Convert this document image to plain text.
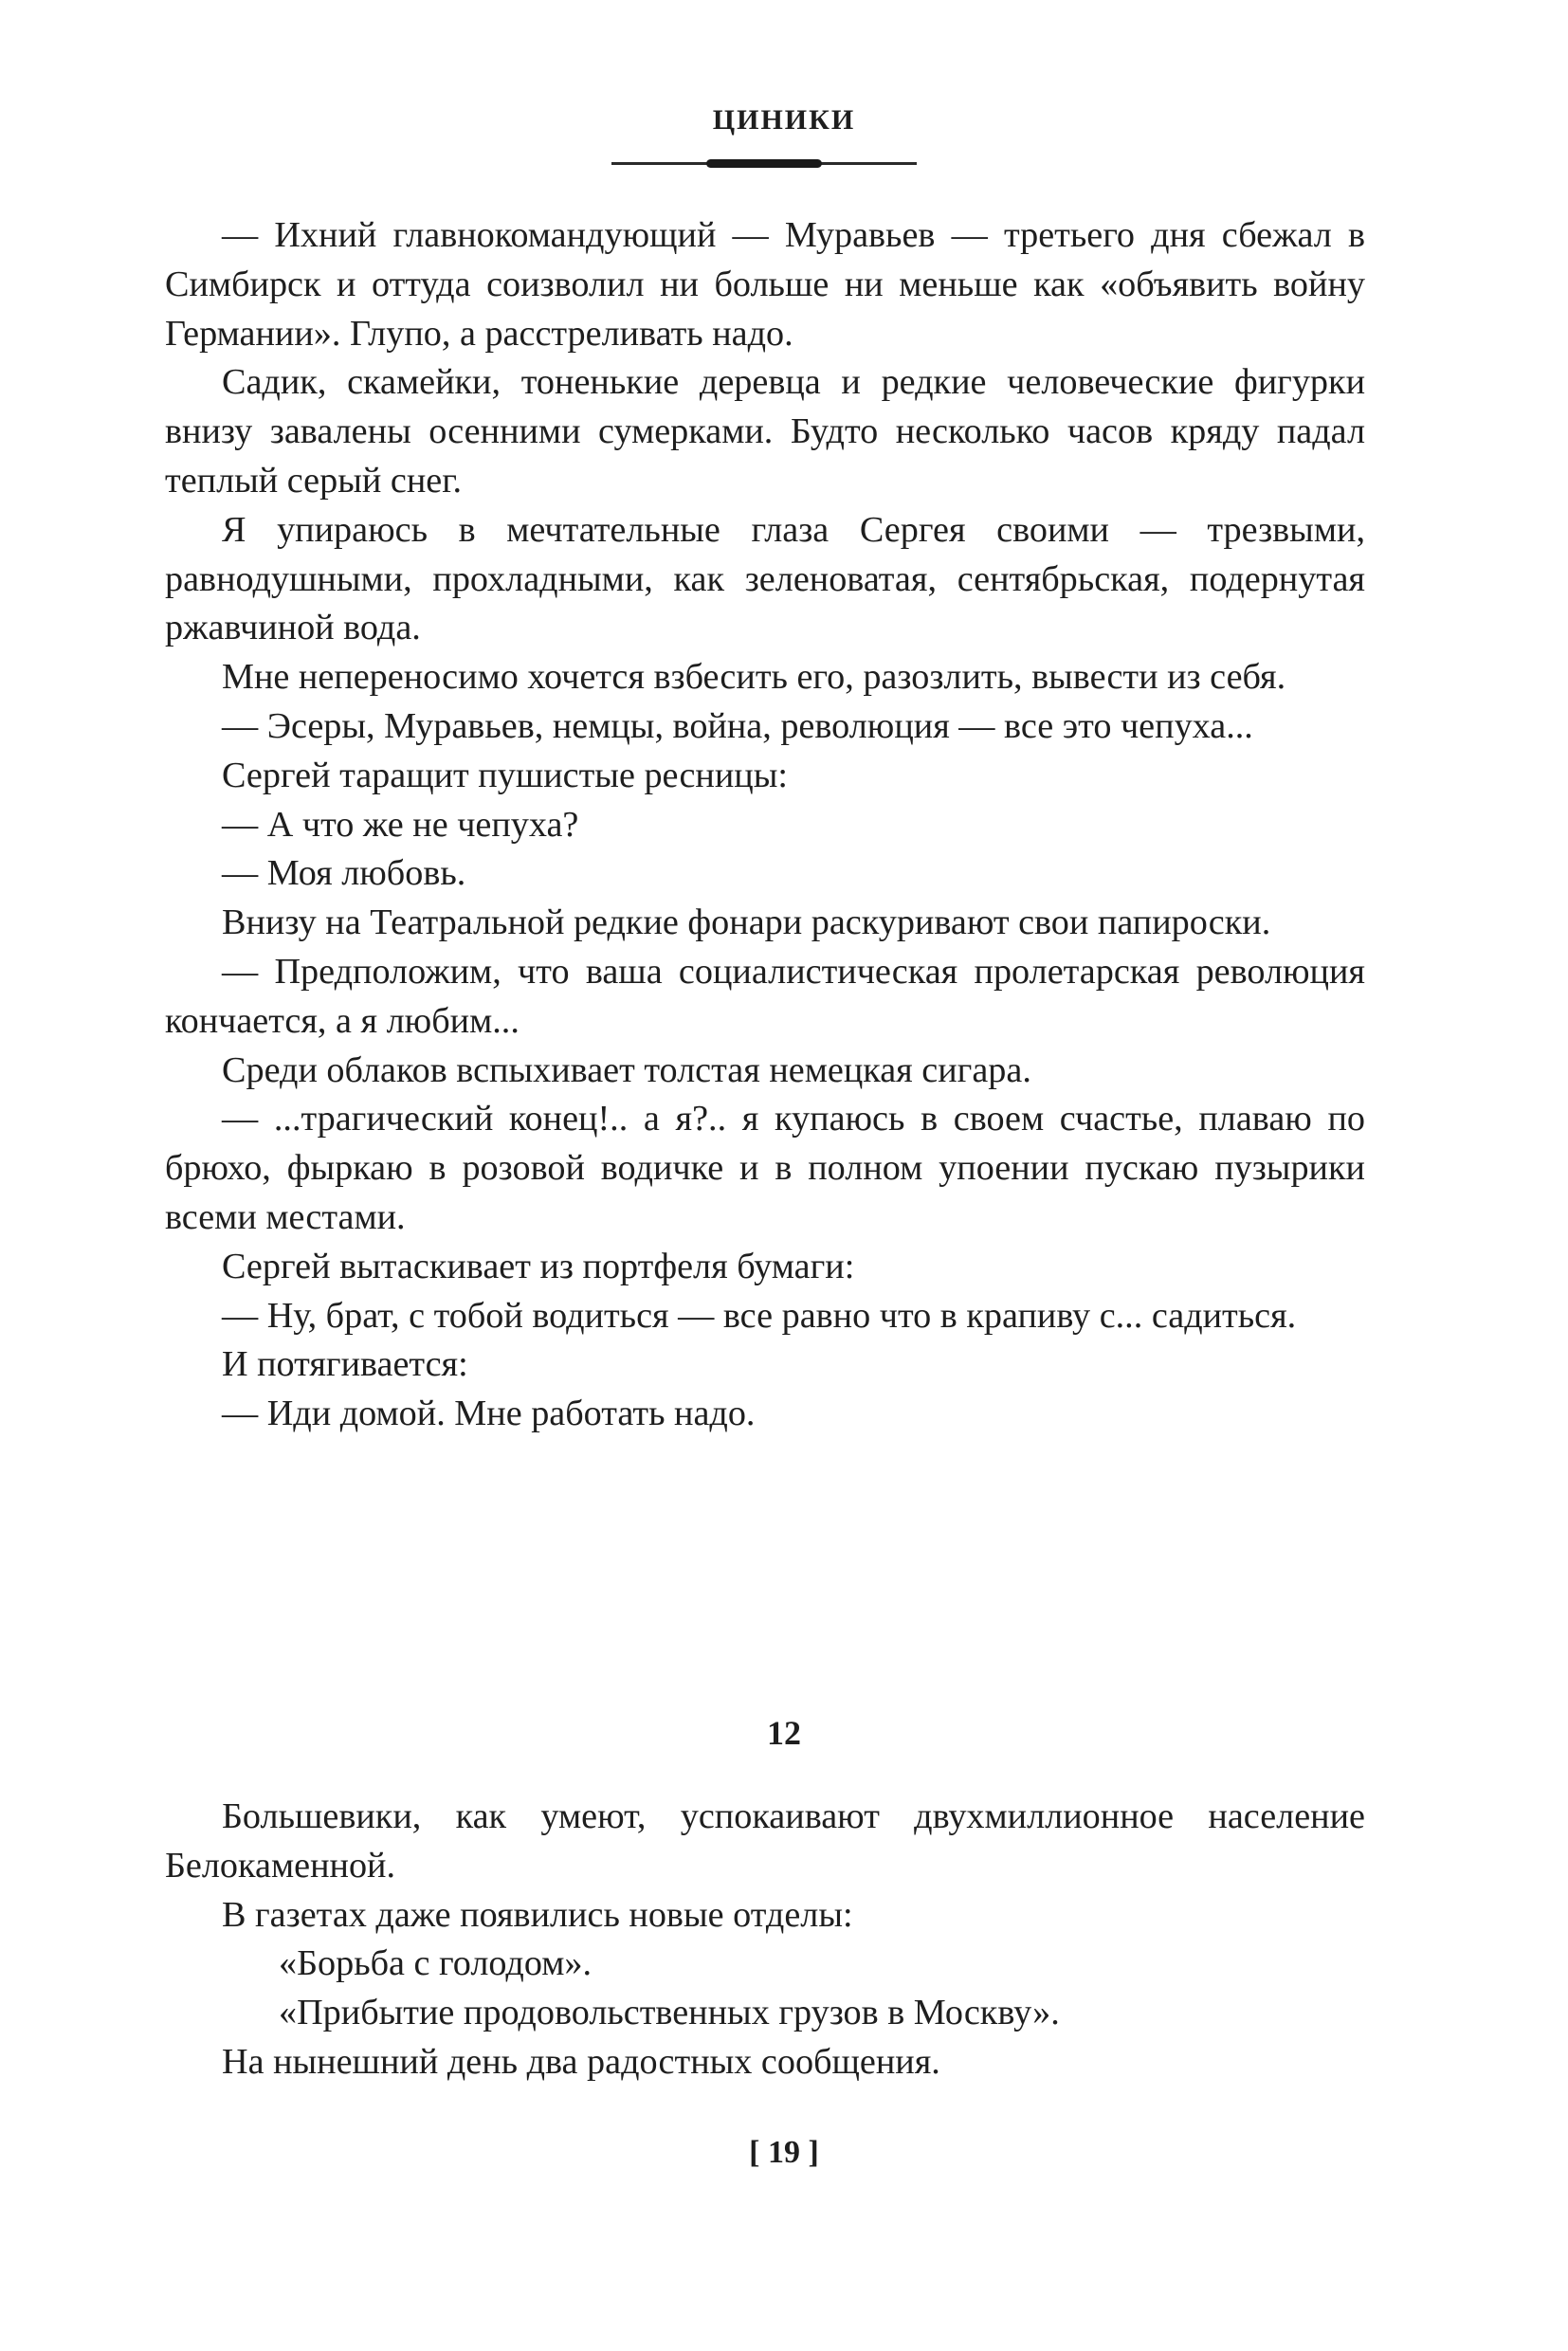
ЦИНИКИ

— Ихний главнокомандующий — Муравьев — третьего дня сбежал в Симбирск и оттуда соизволил ни больше ни меньше как «объявить войну Германии». Глупо, а расстреливать надо.

Садик, скамейки, тоненькие деревца и редкие человеческие фигурки внизу завалены осенними сумерками. Будто несколько часов кряду падал теплый серый снег.

Я упираюсь в мечтательные глаза Сергея своими — трезвыми, равнодушными, прохладными, как зеленоватая, сентябрьская, подернутая ржавчиной вода.

Мне непереносимо хочется взбесить его, разозлить, вывести из себя.

— Эсеры, Муравьев, немцы, война, революция — все это чепуха...

Сергей таращит пушистые ресницы:

— А что же не чепуха?

— Моя любовь.

Внизу на Театральной редкие фонари раскуривают свои папироски.

— Предположим, что ваша социалистическая пролетарская революция кончается, а я любим...

Среди облаков вспыхивает толстая немецкая сигара.

— ...трагический конец!.. а я?.. я купаюсь в своем счастье, плаваю по брюхо, фыркаю в розовой водичке и в полном упоении пускаю пузырики всеми местами.

Сергей вытаскивает из портфеля бумаги:

— Ну, брат, с тобой водиться — все равно что в крапиву с... садиться.

И потягивается:

— Иди домой. Мне работать надо.

12

Большевики, как умеют, успокаивают двухмиллионное население Белокаменной.

В газетах даже появились новые отделы:

«Борьба с голодом».

«Прибытие продовольственных грузов в Москву».

На нынешний день два радостных сообщения.

[ 19 ]
